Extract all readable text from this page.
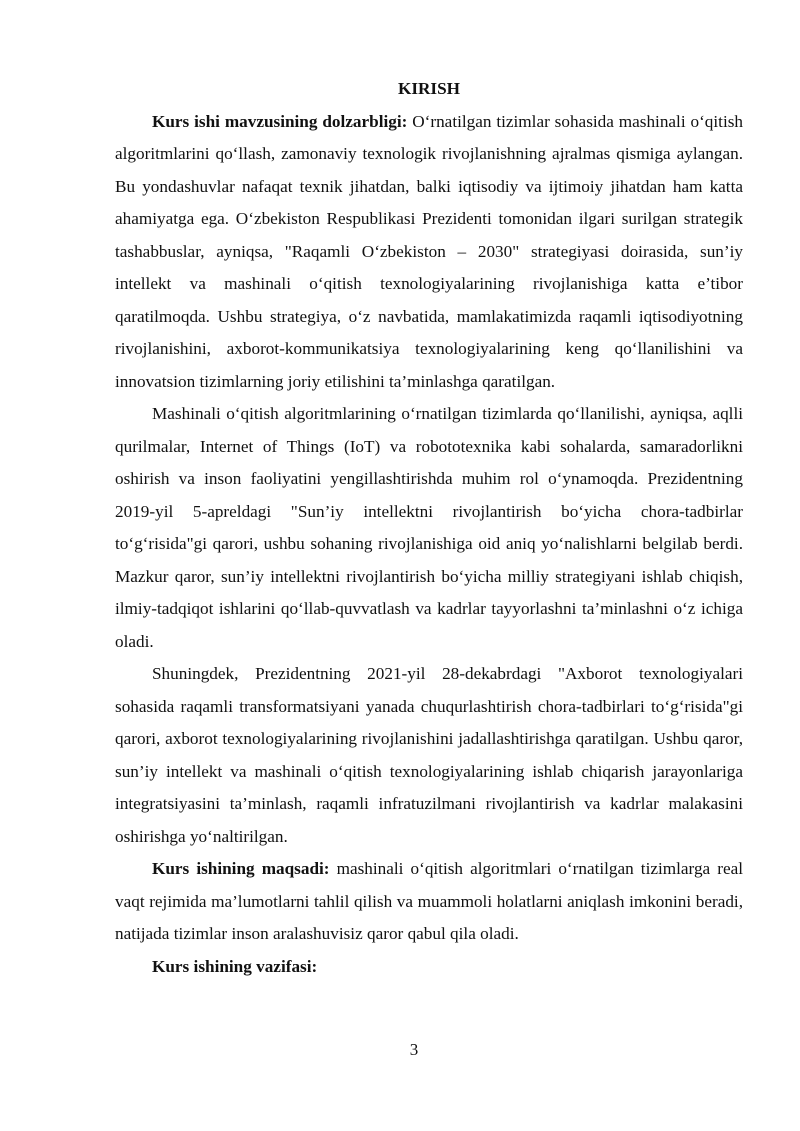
KIRISH

Kurs ishi mavzusining dolzarbligi: O‘rnatilgan tizimlar sohasida mashinali o‘qitish algoritmlarini qo‘llash, zamonaviy texnologik rivojlanishning ajralmas qismiga aylangan. Bu yondashuvlar nafaqat texnik jihatdan, balki iqtisodiy va ijtimoiy jihatdan ham katta ahamiyatga ega. O‘zbekiston Respublikasi Prezidenti tomonidan ilgari surilgan strategik tashabbuslar, ayniqsa, "Raqamli O‘zbekiston – 2030" strategiyasi doirasida, sun’iy intellekt va mashinali o‘qitish texnologiyalarining rivojlanishiga katta e’tibor qaratilmoqda. Ushbu strategiya, o‘z navbatida, mamlakatimizda raqamli iqtisodiyotning rivojlanishini, axborot-kommunikatsiya texnologiyalarining keng qo‘llanilishini va innovatsion tizimlarning joriy etilishini ta’minlashga qaratilgan.

Mashinali o‘qitish algoritmlarining o‘rnatilgan tizimlarda qo‘llanilishi, ayniqsa, aqlli qurilmalar, Internet of Things (IoT) va robototexnika kabi sohalarda, samaradorlikni oshirish va inson faoliyatini yengillashtirishda muhim rol o‘ynamoqda. Prezidentning 2019-yil 5-apreldagi "Sun’iy intellektni rivojlantirish bo‘yicha chora-tadbirlar to‘g‘risida"gi qarori, ushbu sohaning rivojlanishiga oid aniq yo‘nalishlarni belgilab berdi. Mazkur qaror, sun’iy intellektni rivojlantirish bo‘yicha milliy strategiyani ishlab chiqish, ilmiy-tadqiqot ishlarini qo‘llab-quvvatlash va kadrlar tayyorlashni ta’minlashni o‘z ichiga oladi.

Shuningdek, Prezidentning 2021-yil 28-dekabrdagi "Axborot texnologiyalari sohasida raqamli transformatsiyani yanada chuqurlashtirish chora-tadbirlari to‘g‘risida"gi qarori, axborot texnologiyalarining rivojlanishini jadallashtirishga qaratilgan. Ushbu qaror, sun’iy intellekt va mashinali o‘qitish texnologiyalarining ishlab chiqarish jarayonlariga integratsiyasini ta’minlash, raqamli infratuzilmani rivojlantirish va kadrlar malakasini oshirishga yo‘naltirilgan.

Kurs ishining maqsadi: mashinali o‘qitish algoritmlari o‘rnatilgan tizimlarga real vaqt rejimida ma’lumotlarni tahlil qilish va muammoli holatlarni aniqlash imkonini beradi, natijada tizimlar inson aralashuvisiz qaror qabul qila oladi.

Kurs ishining vazifasi:

3
